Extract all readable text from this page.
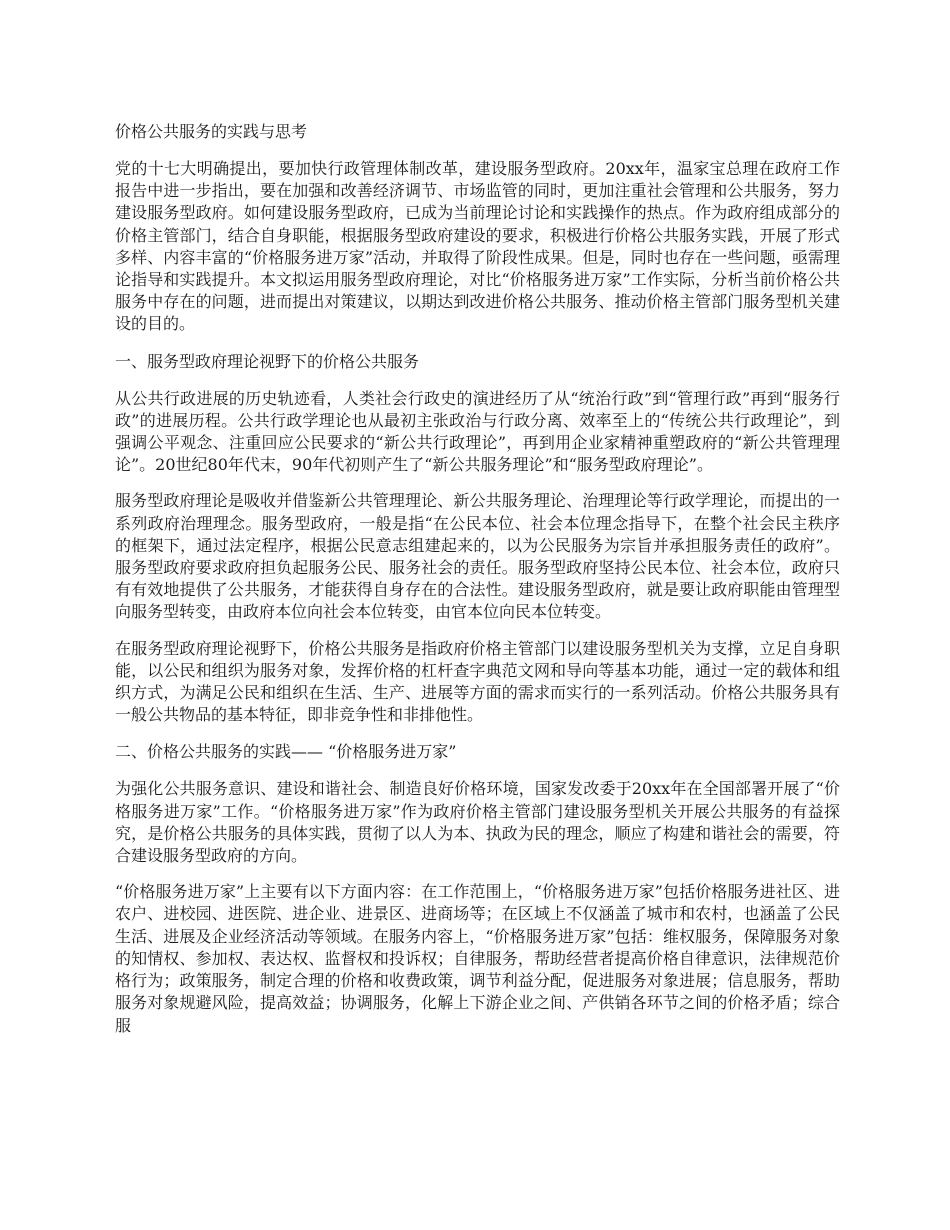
价格公共服务的实践与思考
党的十七大明确提出，要加快行政管理体制改革，建设服务型政府。20xx年，温家宝总理在政府工作报告中进一步指出，要在加强和改善经济调节、市场监管的同时，更加注重社会管理和公共服务，努力建设服务型政府。如何建设服务型政府，已成为当前理论讨论和实践操作的热点。作为政府组成部分的价格主管部门，结合自身职能，根据服务型政府建设的要求，积极进行价格公共服务实践，开展了形式多样、内容丰富的“价格服务进万家”活动，并取得了阶段性成果。但是，同时也存在一些问题，亟需理论指导和实践提升。本文拟运用服务型政府理论，对比“价格服务进万家”工作实际，分析当前价格公共服务中存在的问题，进而提出对策建议，以期达到改进价格公共服务、推动价格主管部门服务型机关建设的目的。
一、服务型政府理论视野下的价格公共服务
从公共行政进展的历史轨迹看，人类社会行政史的演进经历了从“统治行政”到“管理行政”再到“服务行政”的进展历程。公共行政学理论也从最初主张政治与行政分离、效率至上的“传统公共行政理论”，到强调公平观念、注重回应公民要求的“新公共行政理论”，再到用企业家精神重塑政府的“新公共管理理论”。20世纪80年代末，90年代初则产生了“新公共服务理论”和“服务型政府理论”。
服务型政府理论是吸收并借鉴新公共管理理论、新公共服务理论、治理理论等行政学理论，而提出的一系列政府治理理念。服务型政府，一般是指“在公民本位、社会本位理念指导下，在整个社会民主秩序的框架下，通过法定程序，根据公民意志组建起来的，以为公民服务为宗旨并承担服务责任的政府”。服务型政府要求政府担负起服务公民、服务社会的责任。服务型政府坚持公民本位、社会本位，政府只有有效地提供了公共服务，才能获得自身存在的合法性。建设服务型政府，就是要让政府职能由管理型向服务型转变，由政府本位向社会本位转变，由官本位向民本位转变。
在服务型政府理论视野下，价格公共服务是指政府价格主管部门以建设服务型机关为支撑，立足自身职能，以公民和组织为服务对象，发挥价格的杠杆查字典范文网和导向等基本功能，通过一定的载体和组织方式，为满足公民和组织在生活、生产、进展等方面的需求而实行的一系列活动。价格公共服务具有一般公共物品的基本特征，即非竞争性和非排他性。
二、价格公共服务的实践—— “价格服务进万家”
为强化公共服务意识、建设和谐社会、制造良好价格环境，国家发改委于20xx年在全国部署开展了“价格服务进万家”工作。“价格服务进万家”作为政府价格主管部门建设服务型机关开展公共服务的有益探究，是价格公共服务的具体实践，贯彻了以人为本、执政为民的理念，顺应了构建和谐社会的需要，符合建设服务型政府的方向。
“价格服务进万家”上主要有以下方面内容：在工作范围上，“价格服务进万家”包括价格服务进社区、进农户、进校园、进医院、进企业、进景区、进商场等；在区域上不仅涵盖了城市和农村，也涵盖了公民生活、进展及企业经济活动等领域。在服务内容上，“价格服务进万家”包括：维权服务，保障服务对象的知情权、参加权、表达权、监督权和投诉权；自律服务，帮助经营者提高价格自律意识，法律规范价格行为；政策服务，制定合理的价格和收费政策，调节利益分配，促进服务对象进展；信息服务，帮助服务对象规避风险，提高效益；协调服务，化解上下游企业之间、产供销各环节之间的价格矛盾；综合服
